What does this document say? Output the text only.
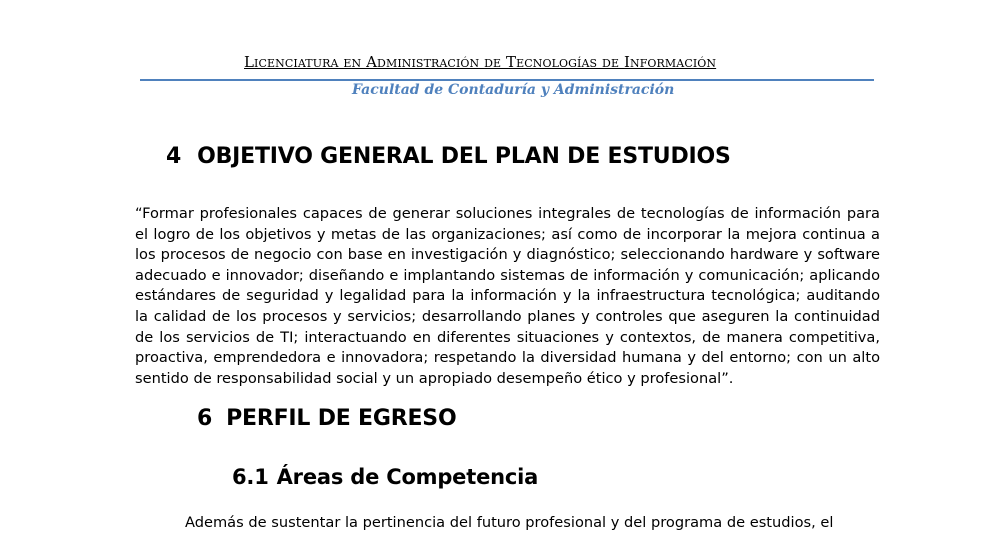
Licenciatura en Administración de Tecnologías de Información
Facultad de Contaduría y Administración
4 OBJETIVO GENERAL DEL PLAN DE ESTUDIOS
“Formar profesionales capaces de generar soluciones integrales de tecnologías de información para
el logro de los objetivos y metas de las organizaciones; así como de incorporar la mejora continua a
los procesos de negocio con base en investigación y diagnóstico; seleccionando hardware y software
adecuado e innovador; diseñando e implantando sistemas de información y comunicación; aplicando
estándares de seguridad y legalidad para la información y la infraestructura tecnológica; auditando
la calidad de los procesos y servicios; desarrollando planes y controles que aseguren la continuidad
de los servicios de TI; interactuando en diferentes situaciones y contextos, de manera competitiva,
proactiva, emprendedora e innovadora; respetando la diversidad humana y del entorno; con un alto
sentido de responsabilidad social y un apropiado desempeño ético y profesional”.
6 PERFIL DE EGRESO
6.1 Áreas de Competencia
Además de sustentar la pertinencia del futuro profesional y del programa de estudios, el
